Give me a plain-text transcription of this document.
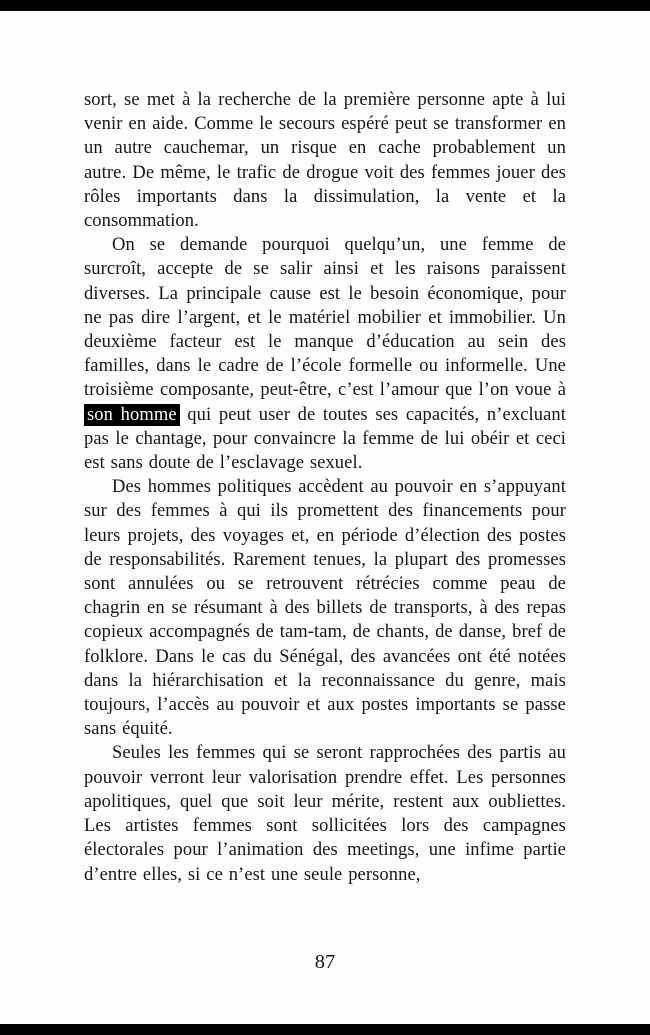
sort, se met à la recherche de la première personne apte à lui venir en aide. Comme le secours espéré peut se transformer en un autre cauchemar, un risque en cache probablement un autre. De même, le trafic de drogue voit des femmes jouer des rôles importants dans la dissimulation, la vente et la consommation.

On se demande pourquoi quelqu’un, une femme de surcroît, accepte de se salir ainsi et les raisons paraissent diverses. La principale cause est le besoin économique, pour ne pas dire l’argent, et le matériel mobilier et immobilier. Un deuxième facteur est le manque d’éducation au sein des familles, dans le cadre de l’école formelle ou informelle. Une troisième composante, peut-être, c’est l’amour que l’on voue à son homme qui peut user de toutes ses capacités, n’excluant pas le chantage, pour convaincre la femme de lui obéir et ceci est sans doute de l’esclavage sexuel.

Des hommes politiques accèdent au pouvoir en s’appuyant sur des femmes à qui ils promettent des financements pour leurs projets, des voyages et, en période d’élection des postes de responsabilités. Rarement tenues, la plupart des promesses sont annulées ou se retrouvent rétrécies comme peau de chagrin en se résumant à des billets de transports, à des repas copieux accompagnés de tam-tam, de chants, de danse, bref de folklore. Dans le cas du Sénégal, des avancées ont été notées dans la hiérarchisation et la reconnaissance du genre, mais toujours, l’accès au pouvoir et aux postes importants se passe sans équité.

Seules les femmes qui se seront rapprochées des partis au pouvoir verront leur valorisation prendre effet. Les personnes apolitiques, quel que soit leur mérite, restent aux oubliettes. Les artistes femmes sont sollicitées lors des campagnes électorales pour l’animation des meetings, une infime partie d’entre elles, si ce n’est une seule personne,

87
